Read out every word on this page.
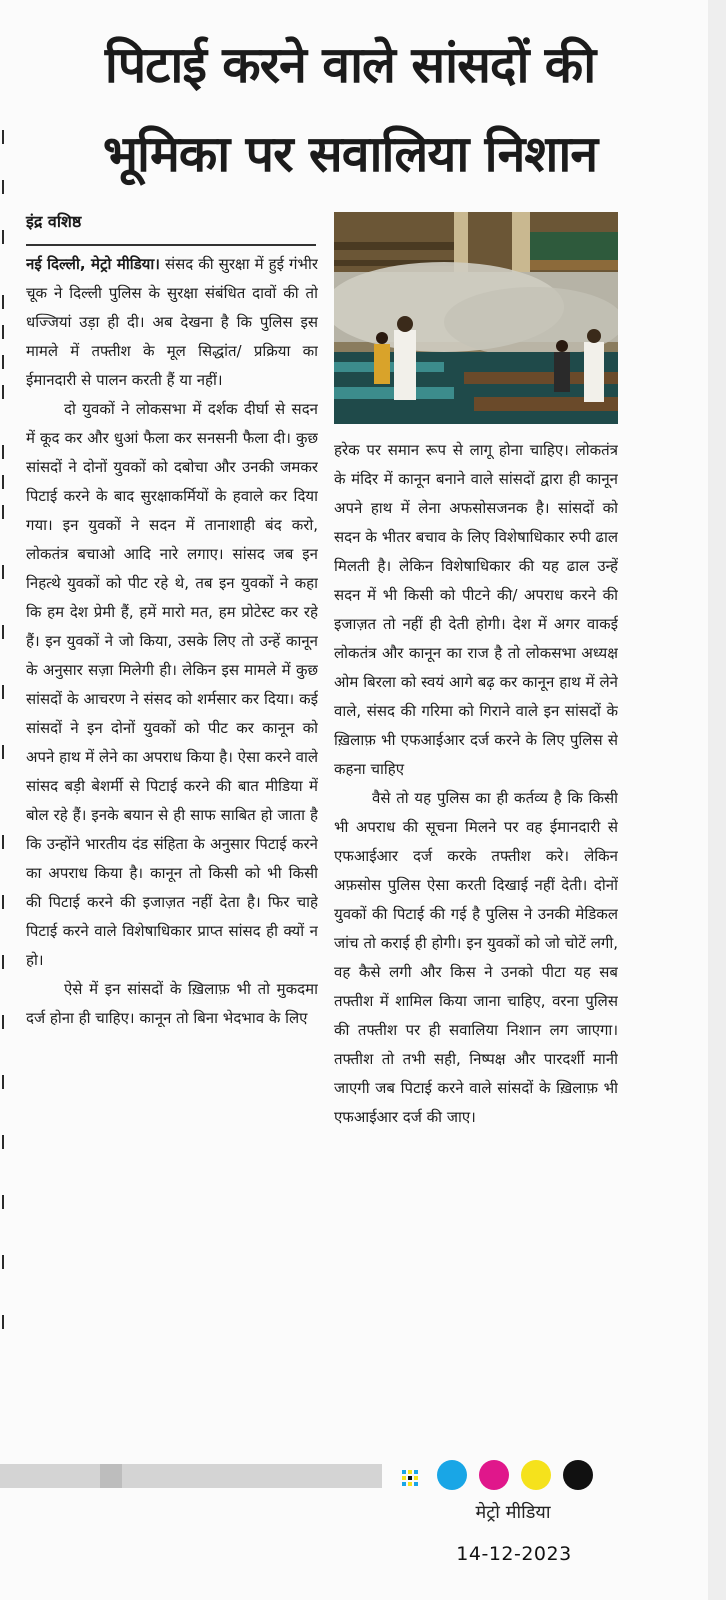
पिटाई करने वाले सांसदों की
भूमिका पर सवालिया निशान
इंद्र वशिष्ठ

नई दिल्ली, मेट्रो मीडिया। संसद की सुरक्षा में हुई गंभीर चूक ने दिल्ली पुलिस के सुरक्षा संबंधित दावों की तो धज्जियां उड़ा ही दी। अब देखना है कि पुलिस इस मामले में तफ्तीश के मूल सिद्धांत/ प्रक्रिया का ईमानदारी से पालन करती हैं या नहीं।

दो युवकों ने लोकसभा में दर्शक दीर्घा से सदन में कूद कर और धुआं फैला कर सनसनी फैला दी। कुछ सांसदों ने दोनों युवकों को दबोचा और उनकी जमकर पिटाई करने के बाद सुरक्षाकर्मियों के हवाले कर दिया गया। इन युवकों ने सदन में तानाशाही बंद करो, लोकतंत्र बचाओ आदि नारे लगाए। सांसद जब इन निहत्थे युवकों को पीट रहे थे, तब इन युवकों ने कहा कि हम देश प्रेमी हैं, हमें मारो मत, हम प्रोटेस्ट कर रहे हैं। इन युवकों ने जो किया, उसके लिए तो उन्हें कानून के अनुसार सज़ा मिलेगी ही। लेकिन इस मामले में कुछ सांसदों के आचरण ने संसद को शर्मसार कर दिया। कई सांसदों ने इन दोनों युवकों को पीट कर कानून को अपने हाथ में लेने का अपराध किया है। ऐसा करने वाले सांसद बड़ी बेशर्मी से पिटाई करने की बात मीडिया में बोल रहे हैं। इनके बयान से ही साफ साबित हो जाता है कि उन्होंने भारतीय दंड संहिता के अनुसार पिटाई करने का अपराध किया है। कानून तो किसी को भी किसी की पिटाई करने की इजाज़त नहीं देता है। फिर चाहे पिटाई करने वाले विशेषाधिकार प्राप्त सांसद ही क्यों न हो।

ऐसे में इन सांसदों के ख़िलाफ़ भी तो मुकदमा दर्ज होना ही चाहिए। कानून तो बिना भेदभाव के लिए

हरेक पर समान रूप से लागू होना चाहिए। लोकतंत्र के मंदिर में कानून बनाने वाले सांसदों द्वारा ही कानून अपने हाथ में लेना अफसोसजनक है। सांसदों को सदन के भीतर बचाव के लिए विशेषाधिकार रुपी ढाल मिलती है। लेकिन विशेषाधिकार की यह ढाल उन्हें सदन में भी किसी को पीटने की/ अपराध करने की इजाज़त तो नहीं ही देती होगी। देश में अगर वाकई लोकतंत्र और कानून का राज है तो लोकसभा अध्यक्ष ओम बिरला को स्वयं आगे बढ़ कर कानून हाथ में लेने वाले, संसद की गरिमा को गिराने वाले इन सांसदों के ख़िलाफ़ भी एफआईआर दर्ज करने के लिए पुलिस से कहना चाहिए

वैसे तो यह पुलिस का ही कर्तव्य है कि किसी भी अपराध की सूचना मिलने पर वह ईमानदारी से एफआईआर दर्ज करके तफ्तीश करे। लेकिन अफ़सोस पुलिस ऐसा करती दिखाई नहीं देती। दोनों युवकों की पिटाई की गई है पुलिस ने उनकी मेडिकल जांच तो कराई ही होगी। इन युवकों को जो चोटें लगी, वह कैसे लगी और किस ने उनको पीटा यह सब तफ्तीश में शामिल किया जाना चाहिए, वरना पुलिस की तफ्तीश पर ही सवालिया निशान लग जाएगा। तफ्तीश तो तभी सही, निष्पक्ष और पारदर्शी मानी जाएगी जब पिटाई करने वाले सांसदों के ख़िलाफ़ भी एफआईआर दर्ज की जाए।

मेट्रो मीडिया
14-12-2023
